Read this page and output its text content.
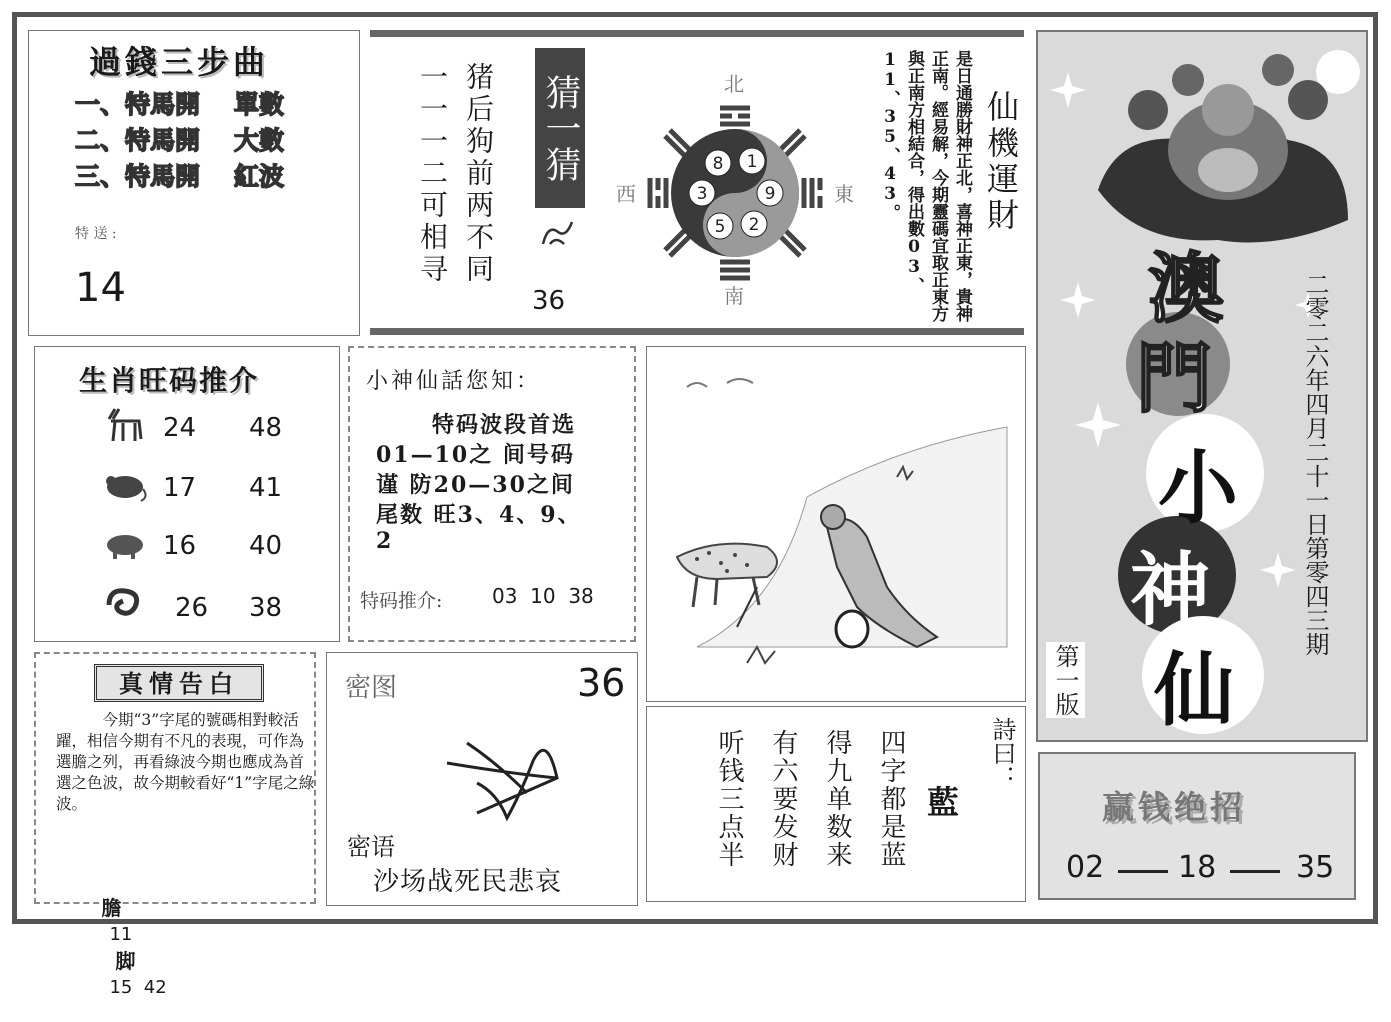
過錢三步曲
一、特馬開 單數
二、特馬開 大數
三、特馬開 紅波
特 送 :
14
猪后狗前两不同
一一一二可相寻	猜一猜
36
8 1
3	9
5 2
北
南
西	東	仙機運財
是日通勝財神正北，喜神正東，貴神正南。經易解，今期靈碼宜取正東方與正南方相結合，得出數03、11、35、43。
生肖旺码推介
24 48
17 41
16 40
26 38
小神仙話您知：
特码波段首选
01—10之 间号码
谨 防20—30之间
尾数 旺3、4、9、
2
特码推介: 03  10  38
真情告白
今期“3”字尾的號碼相對較活躍，相信今期有不凡的表現，可作為選膽之列，再看綠波今期也應成為首選之色波，故今期較看好“1”字尾之綠波。

膽
11
脚
15  42

密图	36
密语
沙场战死民悲哀
詩曰：
藍
四字都是蓝
得九单数来
有六要发财
听钱三点半
澳
門
小
神
仙
二零二六年四月二十一日第零四三期
第一版
赢钱绝招
02 18	35
